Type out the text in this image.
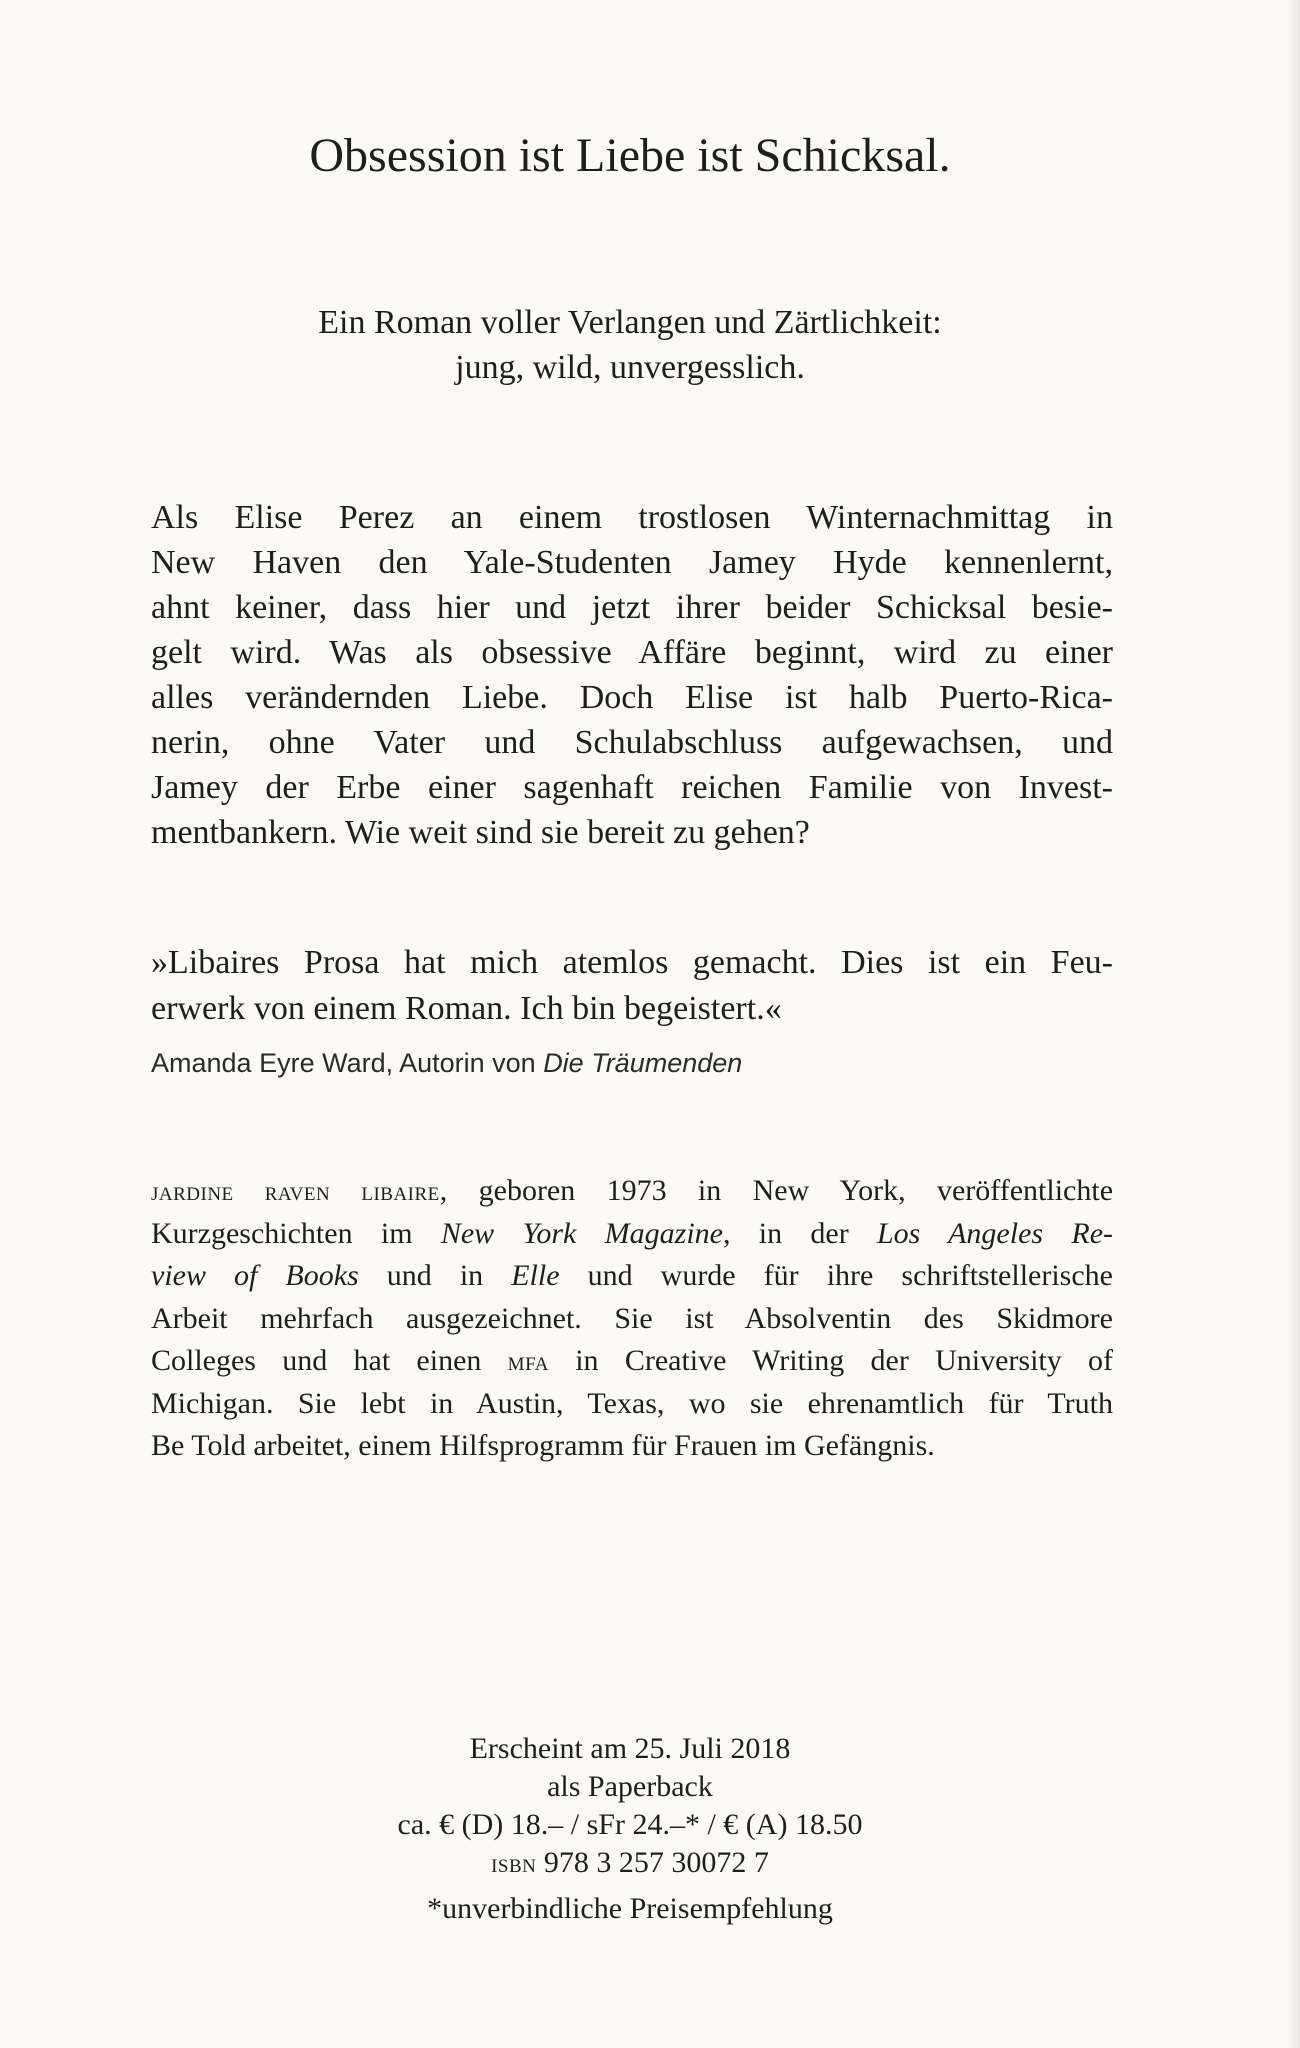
Obsession ist Liebe ist Schicksal.
Ein Roman voller Verlangen und Zärtlichkeit:
jung, wild, unvergesslich.
Als Elise Perez an einem trostlosen Winternachmittag in
New Haven den Yale-Studenten Jamey Hyde kennenlernt,
ahnt keiner, dass hier und jetzt ihrer beider Schicksal besie-
gelt wird. Was als obsessive Affäre beginnt, wird zu einer
alles verändernden Liebe. Doch Elise ist halb Puerto-Rica-
nerin, ohne Vater und Schulabschluss aufgewachsen, und
Jamey der Erbe einer sagenhaft reichen Familie von Invest-
mentbankern. Wie weit sind sie bereit zu gehen?
»Libaires Prosa hat mich atemlos gemacht. Dies ist ein Feu-
erwerk von einem Roman. Ich bin begeistert.«
Amanda Eyre Ward, Autorin von Die Träumenden
jardine raven libaire, geboren 1973 in New York, veröffentlichte
Kurzgeschichten im New York Magazine, in der Los Angeles Re-
view of Books und in Elle und wurde für ihre schriftstellerische
Arbeit mehrfach ausgezeichnet. Sie ist Absolventin des Skidmore
Colleges und hat einen mfa in Creative Writing der University of
Michigan. Sie lebt in Austin, Texas, wo sie ehrenamtlich für Truth
Be Told arbeitet, einem Hilfsprogramm für Frauen im Gefängnis.
Erscheint am 25. Juli 2018
als Paperback
ca. € (D) 18.– / sFr 24.–* / € (A) 18.50
isbn 978 3 257 30072 7
*unverbindliche Preisempfehlung
